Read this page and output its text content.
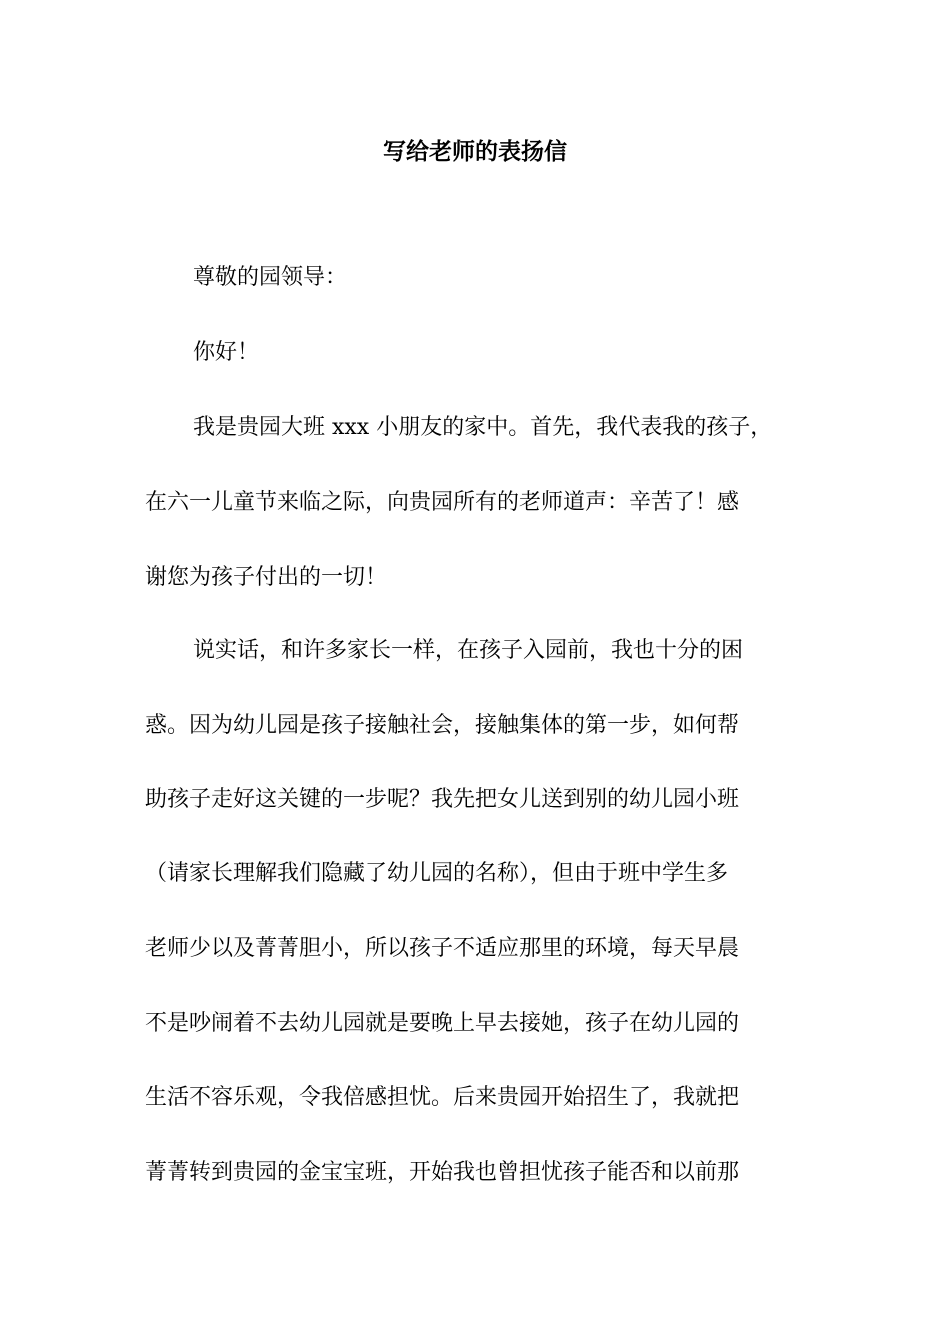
写给老师的表扬信
尊敬的园领导：
你好！
我是贵园大班 xxx 小朋友的家中。首先，我代表我的孩子，
在六一儿童节来临之际，向贵园所有的老师道声：辛苦了！感
谢您为孩子付出的一切！
说实话，和许多家长一样，在孩子入园前，我也十分的困
惑。因为幼儿园是孩子接触社会，接触集体的第一步，如何帮
助孩子走好这关键的一步呢？我先把女儿送到别的幼儿园小班
（请家长理解我们隐藏了幼儿园的名称），但由于班中学生多
老师少以及菁菁胆小，所以孩子不适应那里的环境，每天早晨
不是吵闹着不去幼儿园就是要晚上早去接她，孩子在幼儿园的
生活不容乐观，令我倍感担忧。后来贵园开始招生了，我就把
菁菁转到贵园的金宝宝班，开始我也曾担忧孩子能否和以前那
